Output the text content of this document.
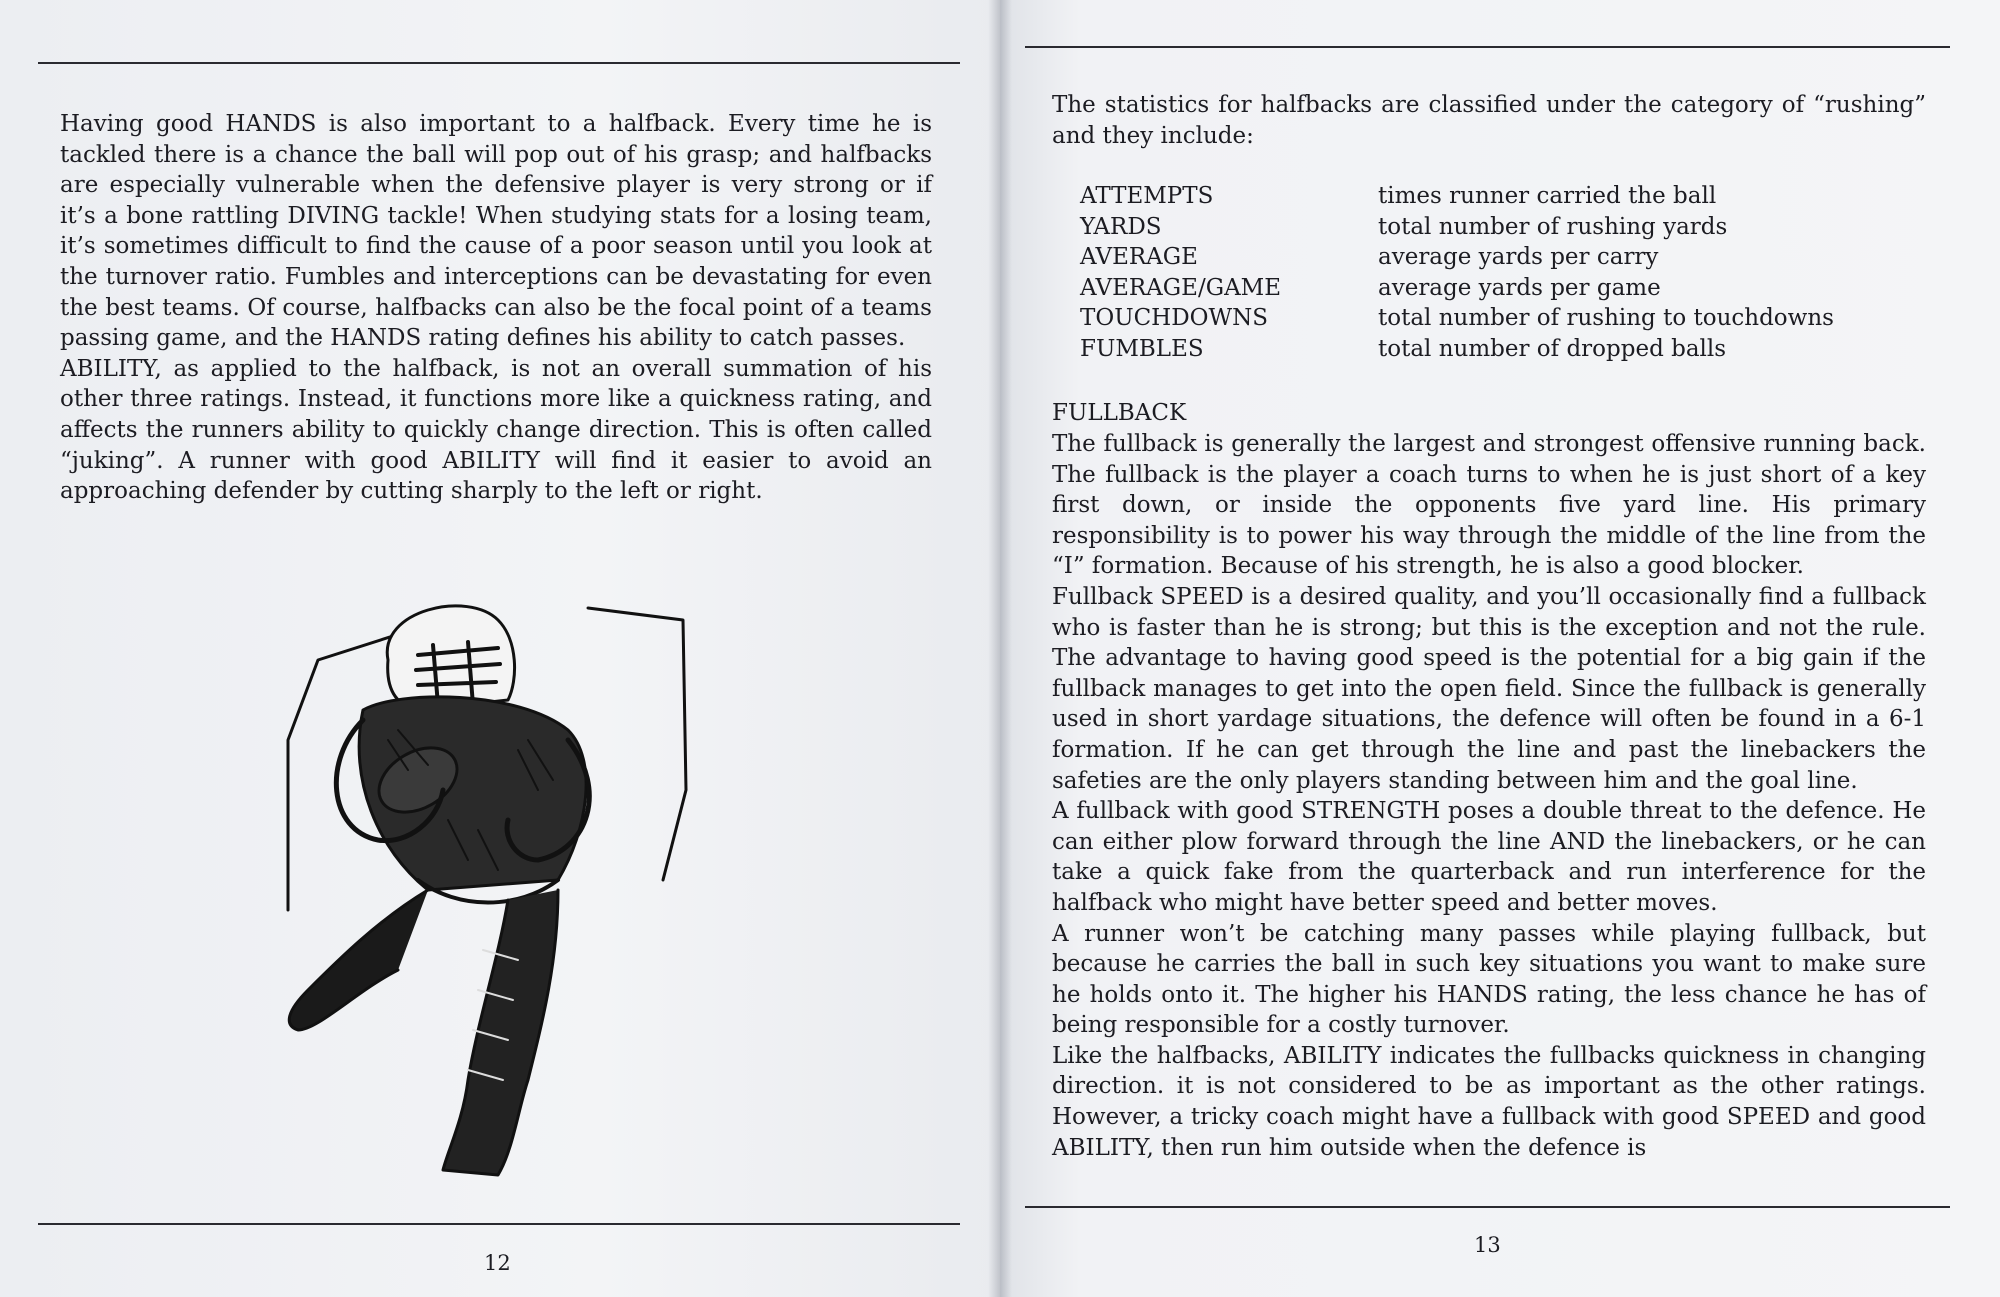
Having good HANDS is also important to a halfback. Every time he is tackled there is a chance the ball will pop out of his grasp; and halfbacks are especially vulnerable when the defensive player is very strong or if it’s a bone rattling DIVING tackle! When studying stats for a losing team, it’s sometimes difficult to find the cause of a poor season until you look at the turnover ratio. Fumbles and interceptions can be devastating for even the best teams. Of course, halfbacks can also be the focal point of a teams passing game, and the HANDS rating defines his ability to catch passes.

ABILITY, as applied to the halfback, is not an overall summation of his other three ratings. Instead, it functions more like a quickness rating, and affects the runners ability to quickly change direction. This is often called “juking”. A runner with good ABILITY will find it easier to avoid an approaching defender by cutting sharply to the left or right.

12
The statistics for halfbacks are classified under the category of “rushing” and they include:
ATTEMPTS	times runner carried the ball
YARDS	total number of rushing yards
AVERAGE	average yards per carry
AVERAGE/GAME	average yards per game
TOUCHDOWNS	total number of rushing to touchdowns
FUMBLES	total number of dropped balls
FULLBACK

The fullback is generally the largest and strongest offensive running back. The fullback is the player a coach turns to when he is just short of a key first down, or inside the opponents five yard line. His primary responsibility is to power his way through the middle of the line from the “I” formation. Because of his strength, he is also a good blocker.

Fullback SPEED is a desired quality, and you’ll occasionally find a fullback who is faster than he is strong; but this is the exception and not the rule. The advantage to having good speed is the potential for a big gain if the fullback manages to get into the open field. Since the fullback is generally used in short yardage situations, the defence will often be found in a 6-1 formation. If he can get through the line and past the linebackers the safeties are the only players standing between him and the goal line.

A fullback with good STRENGTH poses a double threat to the defence. He can either plow forward through the line AND the linebackers, or he can take a quick fake from the quarterback and run interference for the halfback who might have better speed and better moves.

A runner won’t be catching many passes while playing fullback, but because he carries the ball in such key situations you want to make sure he holds onto it. The higher his HANDS rating, the less chance he has of being responsible for a costly turnover.

Like the halfbacks, ABILITY indicates the fullbacks quickness in changing direction. it is not considered to be as important as the other ratings. However, a tricky coach might have a fullback with good SPEED and good ABILITY, then run him outside when the defence is

13
